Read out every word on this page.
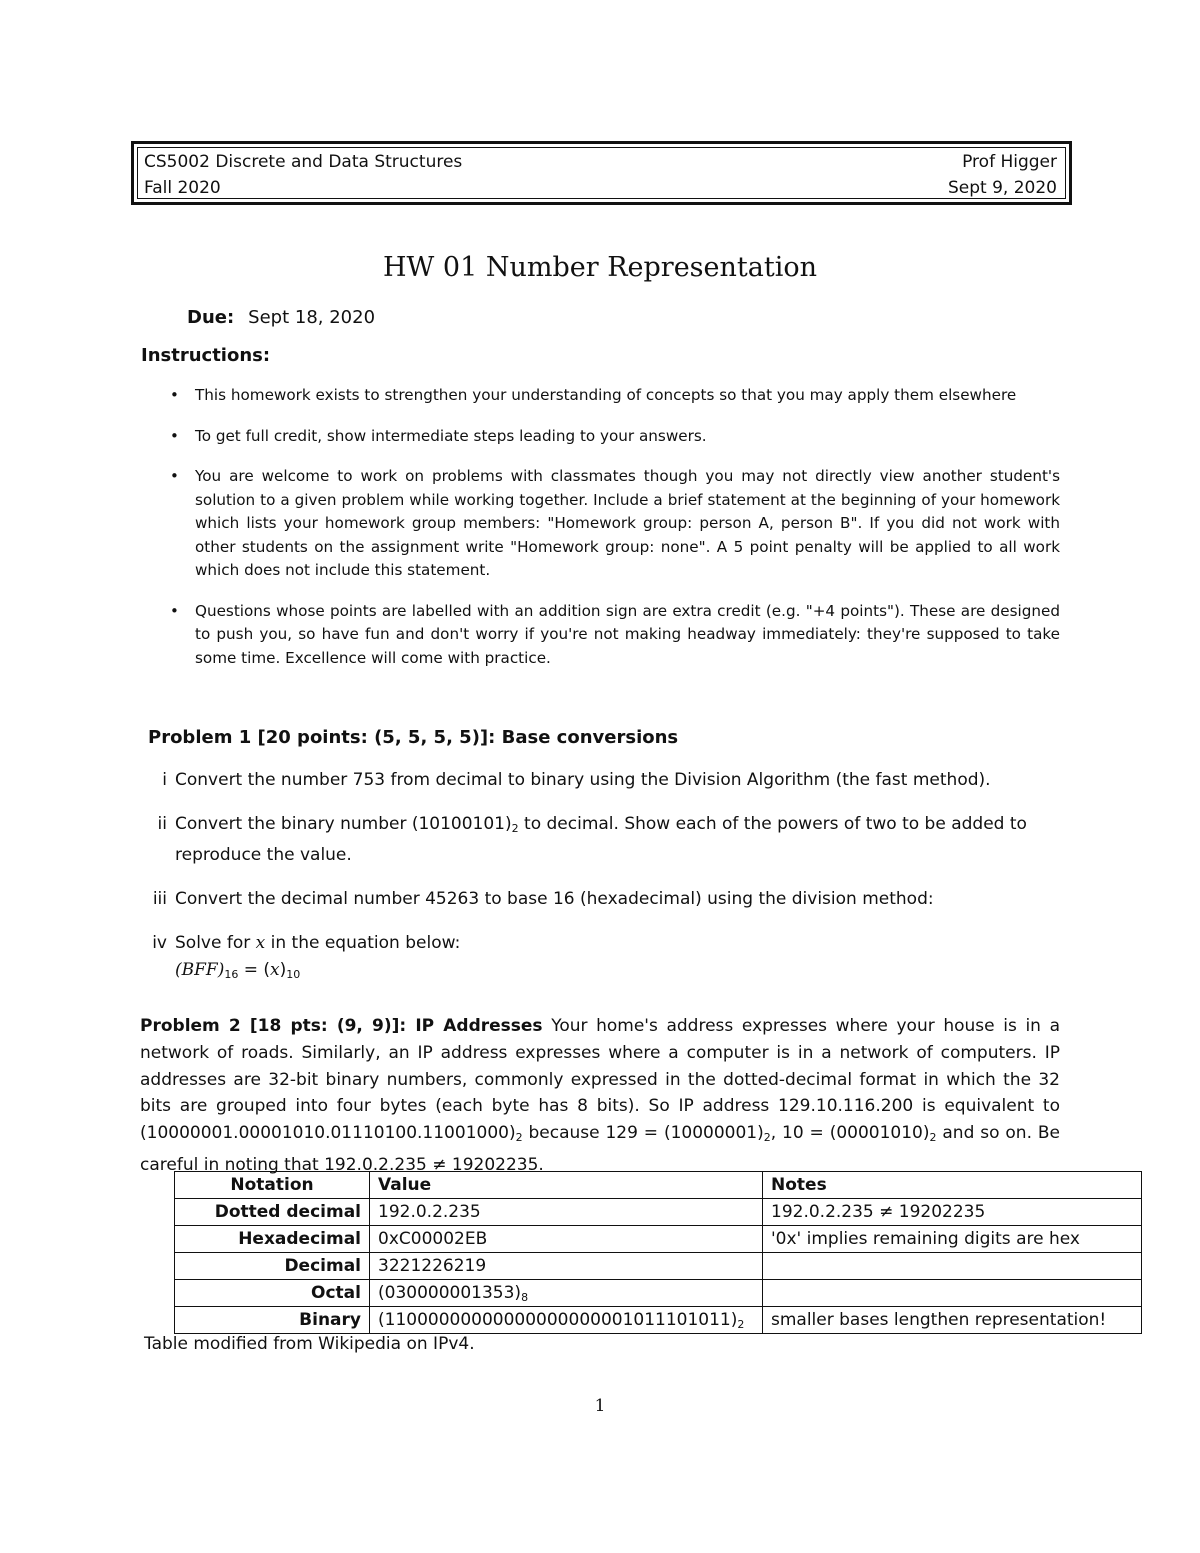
CS5002 Discrete and Data Structures	Prof Higger
Fall 2020	Sept 9, 2020
HW 01 Number Representation
Due: Sept 18, 2020
Instructions:
• This homework exists to strengthen your understanding of concepts so that you may apply them elsewhere
• To get full credit, show intermediate steps leading to your answers.
• You are welcome to work on problems with classmates though you may not directly view another student's solution to a given problem while working together. Include a brief statement at the beginning of your homework which lists your homework group members: "Homework group: person A, person B". If you did not work with other students on the assignment write "Homework group: none". A 5 point penalty will be applied to all work which does not include this statement.
• Questions whose points are labelled with an addition sign are extra credit (e.g. "+4 points"). These are designed to push you, so have fun and don't worry if you're not making headway immediately: they're supposed to take some time. Excellence will come with practice.
Problem 1 [20 points: (5, 5, 5, 5)]: Base conversions
i Convert the number 753 from decimal to binary using the Division Algorithm (the fast method).
ii Convert the binary number $(10100101)_2$ to decimal. Show each of the powers of two to be added to reproduce the value.
iii Convert the decimal number 45263 to base 16 (hexadecimal) using the division method:
iv Solve for x in the equation below:
$(BFF)_{16} = (x)_{10}$
Problem 2 [18 pts: (9, 9)]: IP Addresses Your home's address expresses where your house is in a network of roads. Similarly, an IP address expresses where a computer is in a network of computers. IP addresses are 32-bit binary numbers, commonly expressed in the dotted-decimal format in which the 32 bits are grouped into four bytes (each byte has 8 bits). So IP address 129.10.116.200 is equivalent to $(10000001.00001010.01110100.11001000)_2$ because $129 = (10000001)_2$, $10 = (00001010)_2$ and so on. Be careful in noting that 192.0.2.235 ≠ 19202235.
Notation	Value	Notes
Dotted decimal	192.0.2.235	192.0.2.235 ≠ 19202235
Hexadecimal	0xC00002EB	'0x' implies remaining digits are hex
Decimal	3221226219	
Octal	$(030000001353)_8$	
Binary	$(11000000000000000000001011101011)_2$	smaller bases lengthen representation!
Table modified from Wikipedia on IPv4.
1
